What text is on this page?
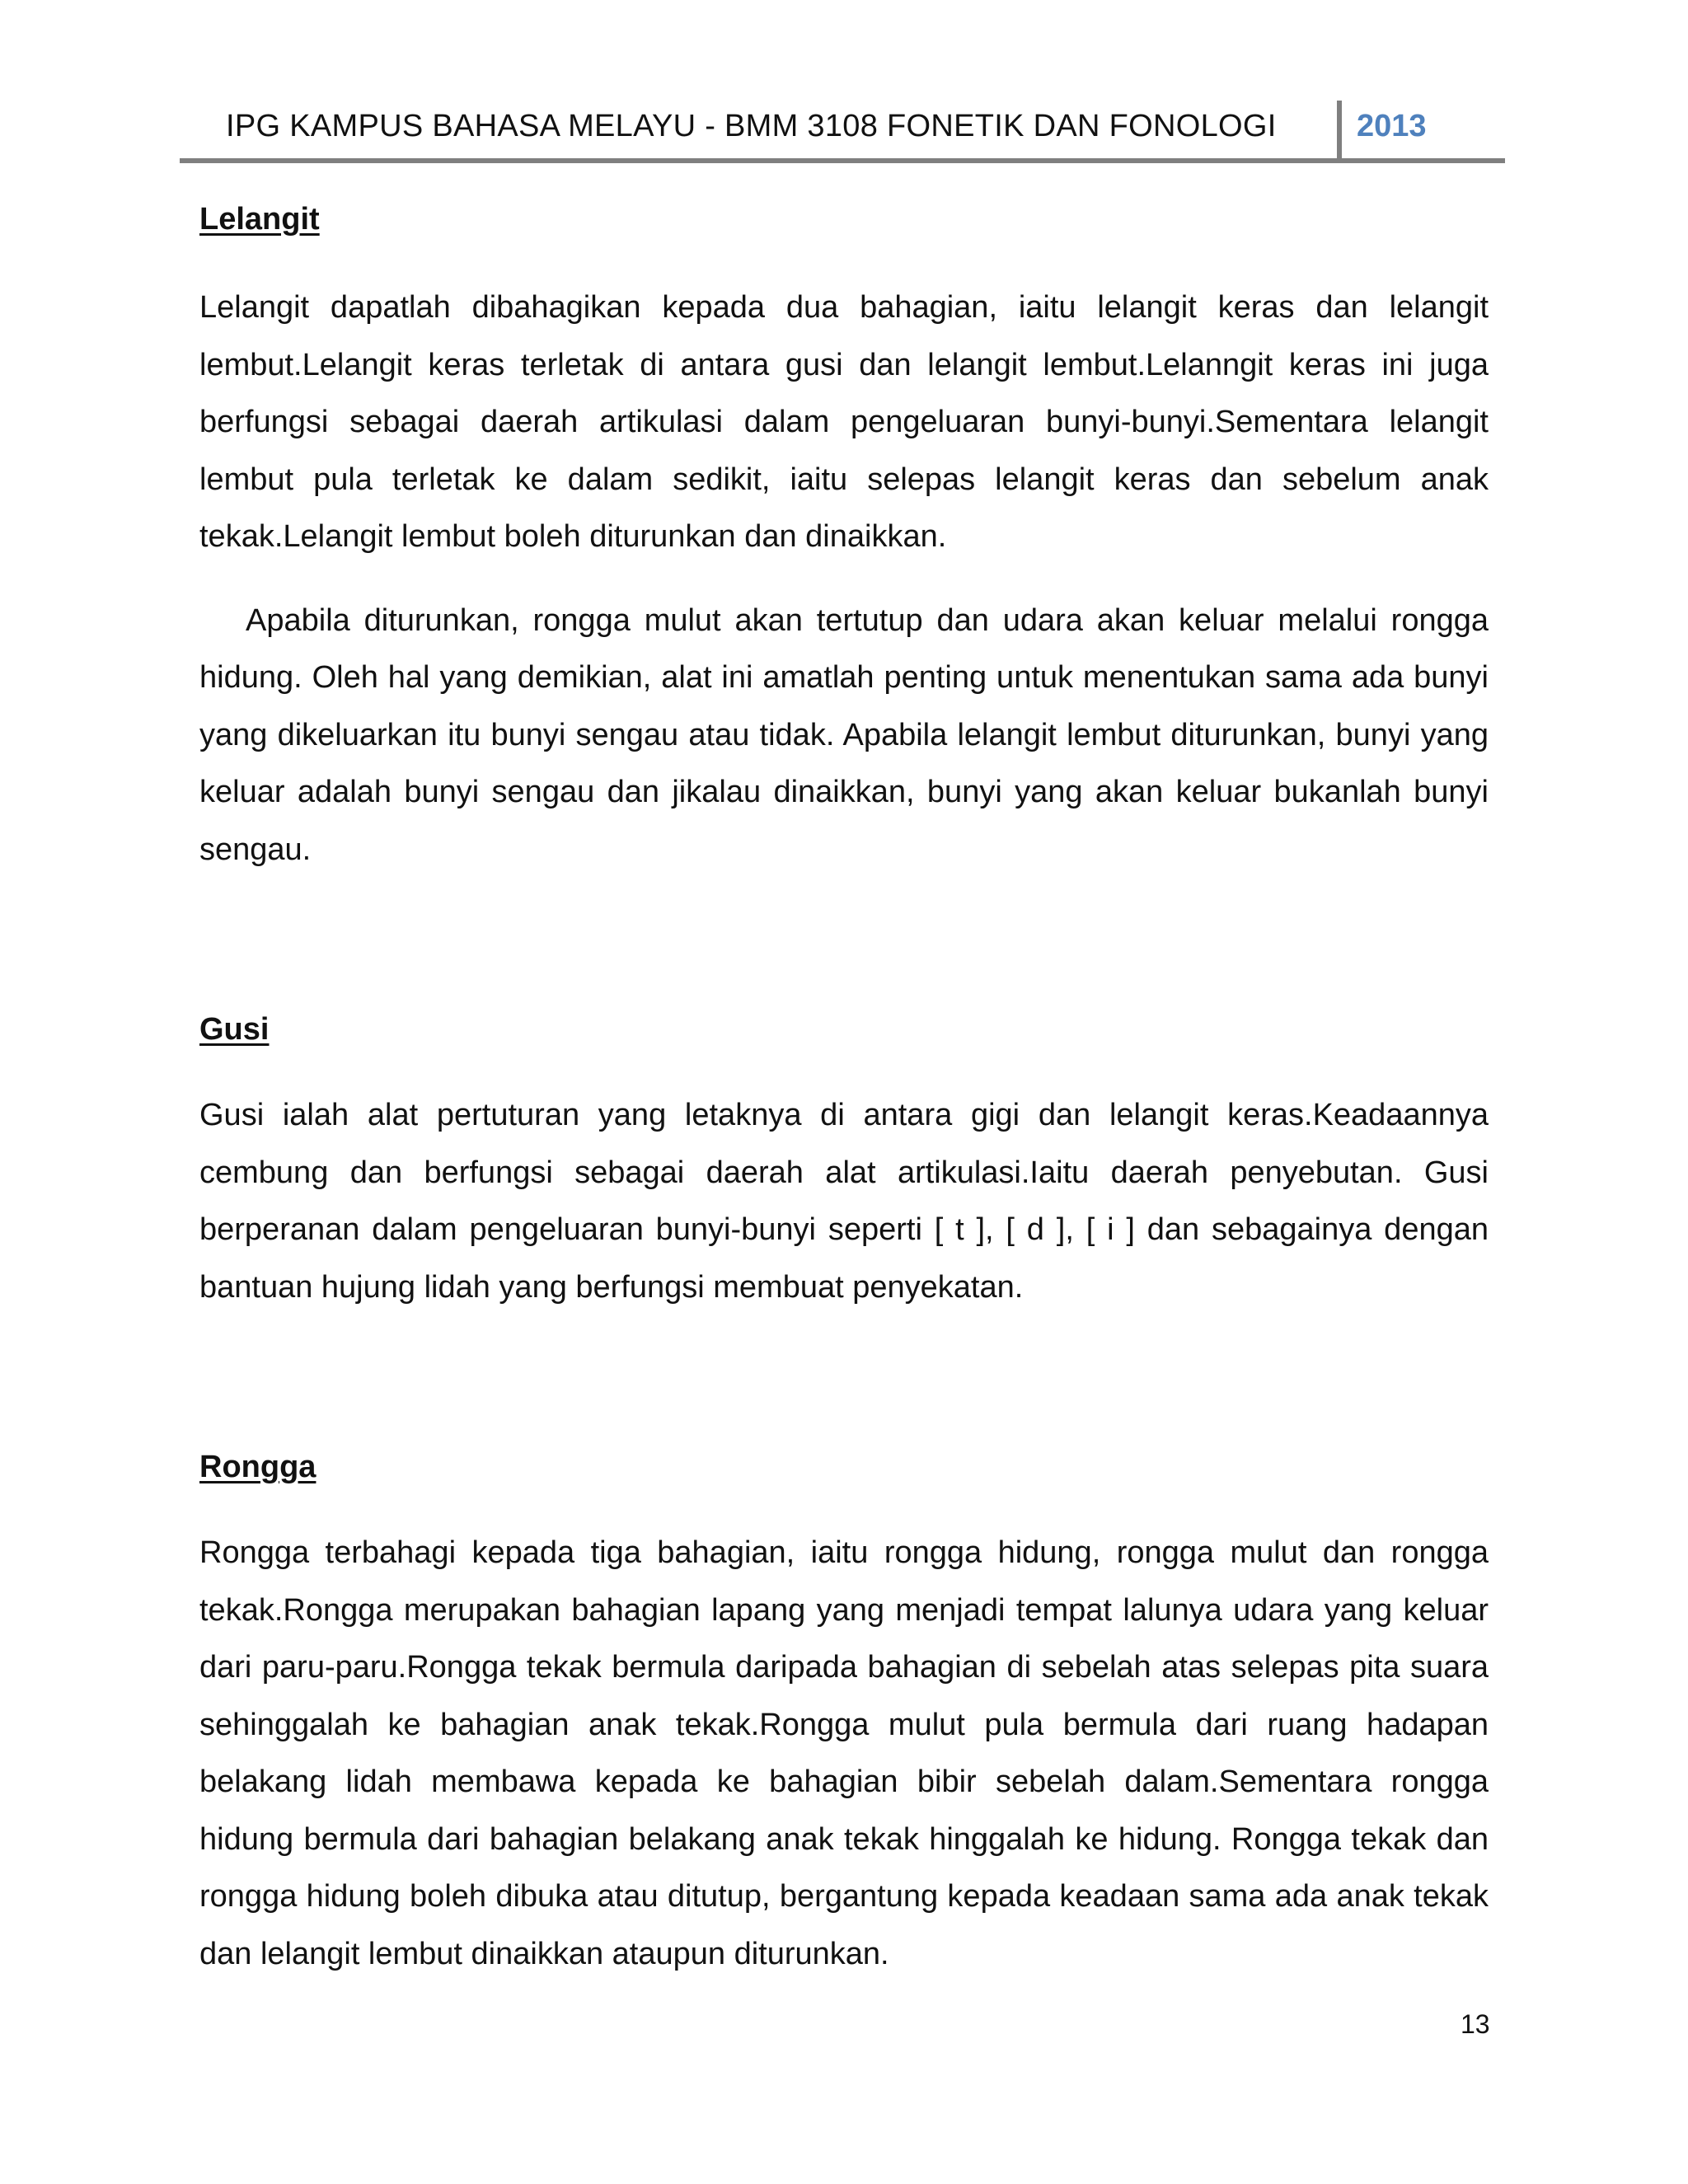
IPG KAMPUS BAHASA MELAYU - BMM 3108 FONETIK DAN FONOLOGI	2013
Lelangit

Lelangit dapatlah dibahagikan kepada dua bahagian, iaitu lelangit keras dan lelangit lembut.Lelangit keras terletak di antara gusi dan lelangit lembut.Lelanngit keras ini juga berfungsi sebagai daerah artikulasi dalam pengeluaran bunyi-bunyi.Sementara lelangit lembut pula terletak ke dalam sedikit, iaitu selepas lelangit keras dan sebelum anak tekak.Lelangit lembut boleh diturunkan dan dinaikkan.

Apabila diturunkan, rongga mulut akan tertutup dan udara akan keluar melalui rongga hidung. Oleh hal yang demikian, alat ini amatlah penting untuk menentukan sama ada bunyi yang dikeluarkan itu bunyi sengau atau tidak. Apabila lelangit lembut diturunkan, bunyi yang keluar adalah bunyi sengau dan jikalau dinaikkan, bunyi yang akan keluar bukanlah bunyi sengau.

Gusi

Gusi ialah alat pertuturan yang letaknya di antara gigi dan lelangit keras.Keadaannya cembung dan berfungsi sebagai daerah alat artikulasi.Iaitu daerah penyebutan. Gusi berperanan dalam pengeluaran bunyi-bunyi seperti [ t ], [ d ], [ i ] dan sebagainya dengan bantuan hujung lidah yang berfungsi membuat penyekatan.

Rongga

Rongga terbahagi kepada tiga bahagian, iaitu rongga hidung, rongga mulut dan rongga tekak.Rongga merupakan bahagian lapang yang menjadi tempat lalunya udara yang keluar dari paru-paru.Rongga tekak bermula daripada bahagian di sebelah atas selepas pita suara sehinggalah ke bahagian anak tekak.Rongga mulut pula bermula dari ruang hadapan belakang lidah membawa kepada ke bahagian bibir sebelah dalam.Sementara rongga hidung bermula dari bahagian belakang anak tekak hinggalah ke hidung. Rongga tekak dan rongga hidung boleh dibuka atau ditutup, bergantung kepada keadaan sama ada anak tekak dan lelangit lembut dinaikkan ataupun diturunkan.

13
